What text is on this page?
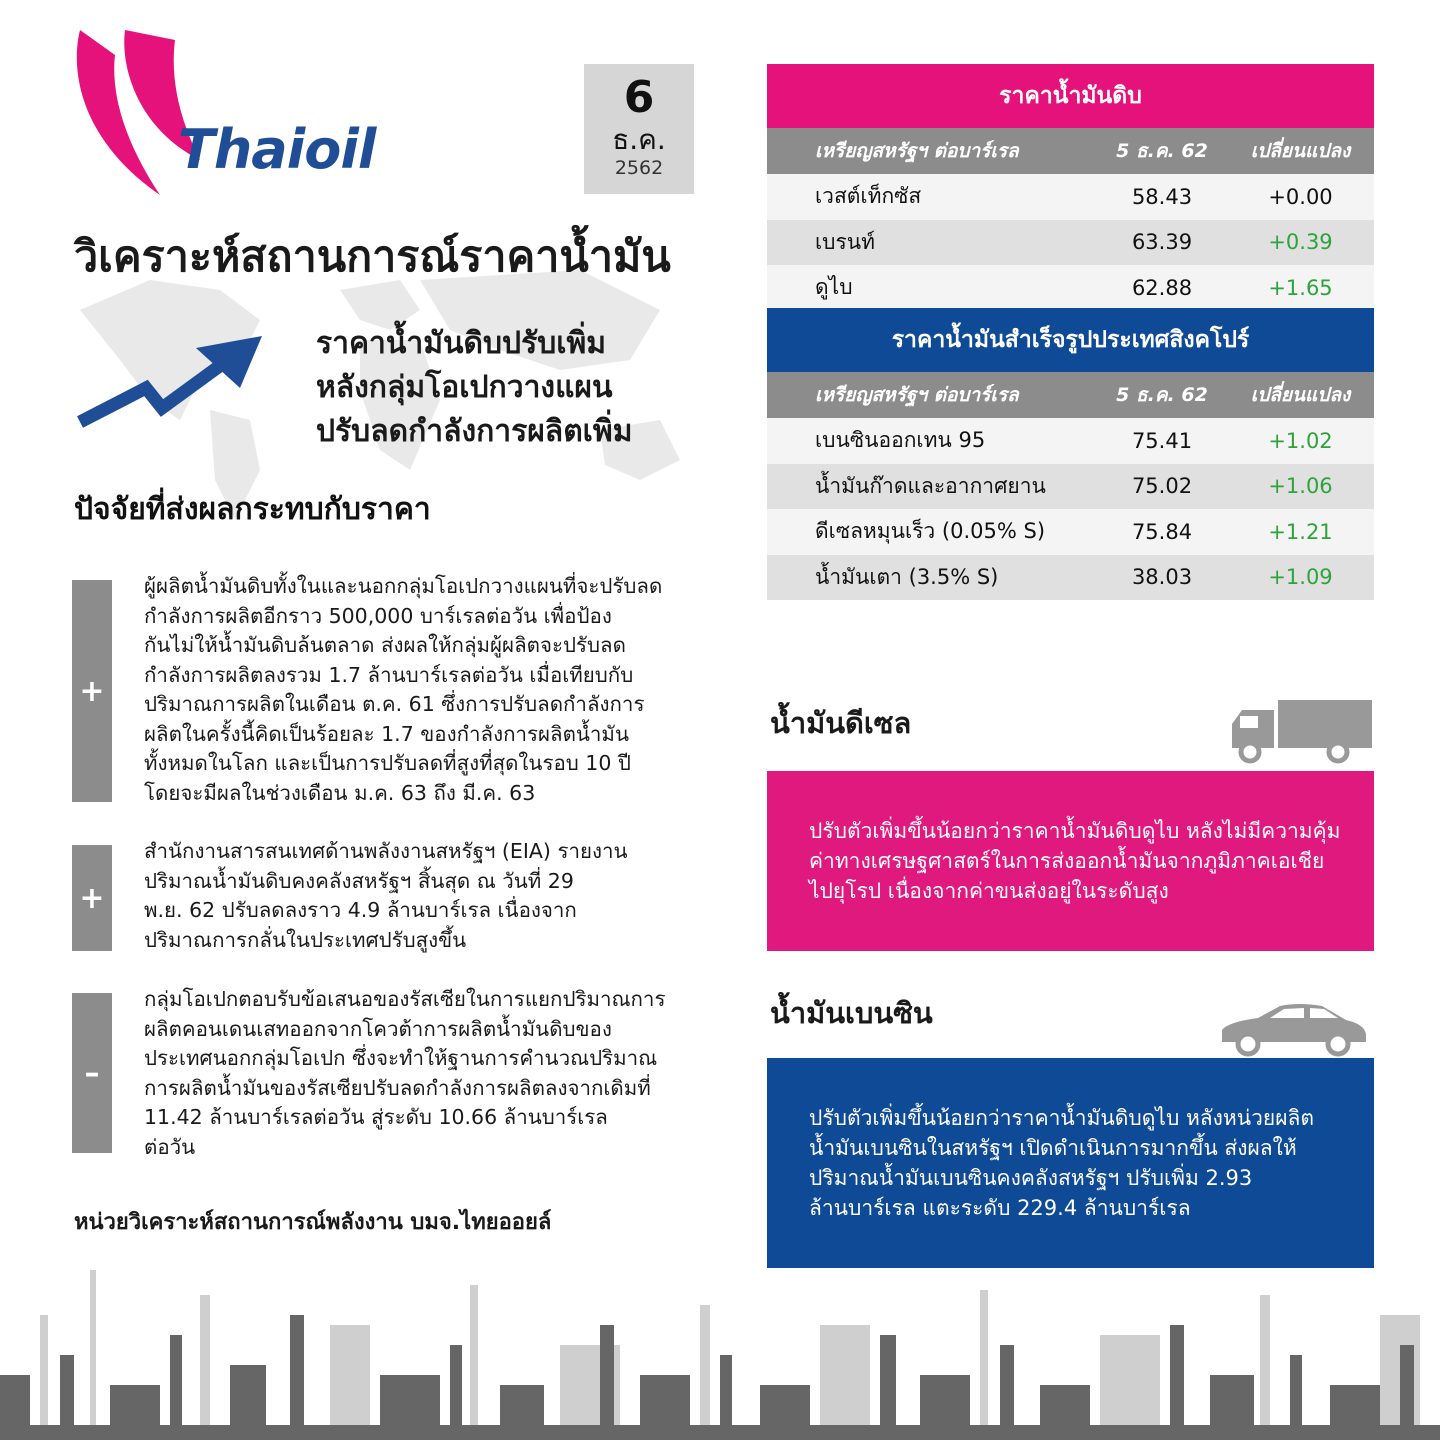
Thaioil
6
ธ.ค.
2562
วิเคราะห์สถานการณ์ราคาน้ำมัน
ราคาน้ำมันดิบปรับเพิ่ม
หลังกลุ่มโอเปกวางแผน
ปรับลดกำลังการผลิตเพิ่ม
ปัจจัยที่ส่งผลกระทบกับราคา
+
ผู้ผลิตน้ำมันดิบทั้งในและนอกกลุ่มโอเปกวางแผนที่จะปรับลด
กำลังการผลิตอีกราว 500,000 บาร์เรลต่อวัน เพื่อป้อง
กันไม่ให้น้ำมันดิบล้นตลาด ส่งผลให้กลุ่มผู้ผลิตจะปรับลด
กำลังการผลิตลงรวม 1.7 ล้านบาร์เรลต่อวัน เมื่อเทียบกับ
ปริมาณการผลิตในเดือน ต.ค. 61 ซึ่งการปรับลดกำลังการ
ผลิตในครั้งนี้คิดเป็นร้อยละ 1.7 ของกำลังการผลิตน้ำมัน
ทั้งหมดในโลก และเป็นการปรับลดที่สูงที่สุดในรอบ 10 ปี
โดยจะมีผลในช่วงเดือน ม.ค. 63 ถึง มี.ค. 63
+
สำนักงานสารสนเทศด้านพลังงานสหรัฐฯ (EIA) รายงาน
ปริมาณน้ำมันดิบคงคลังสหรัฐฯ สิ้นสุด ณ วันที่ 29
พ.ย. 62 ปรับลดลงราว 4.9 ล้านบาร์เรล เนื่องจาก
ปริมาณการกลั่นในประเทศปรับสูงขึ้น
–
กลุ่มโอเปกตอบรับข้อเสนอของรัสเซียในการแยกปริมาณการ
ผลิตคอนเดนเสทออกจากโควต้าการผลิตน้ำมันดิบของ
ประเทศนอกกลุ่มโอเปก ซึ่งจะทำให้ฐานการคำนวณปริมาณ
การผลิตน้ำมันของรัสเซียปรับลดกำลังการผลิตลงจากเดิมที่
11.42 ล้านบาร์เรลต่อวัน สู่ระดับ 10.66 ล้านบาร์เรล
ต่อวัน
หน่วยวิเคราะห์สถานการณ์พลังงาน บมจ.ไทยออยล์
ราคาน้ำมันดิบ
เหรียญสหรัฐฯ ต่อบาร์เรล	5 ธ.ค. 62	เปลี่ยนแปลง
เวสต์เท็กซัส	58.43	+0.00
เบรนท์	63.39	+0.39
ดูไบ	62.88	+1.65
ราคาน้ำมันสำเร็จรูปประเทศสิงคโปร์
เหรียญสหรัฐฯ ต่อบาร์เรล	5 ธ.ค. 62	เปลี่ยนแปลง
เบนซินออกเทน 95	75.41	+1.02
น้ำมันก๊าดและอากาศยาน	75.02	+1.06
ดีเซลหมุนเร็ว (0.05% S)	75.84	+1.21
น้ำมันเตา (3.5% S)	38.03	+1.09
น้ำมันดีเซล
ปรับตัวเพิ่มขึ้นน้อยกว่าราคาน้ำมันดิบดูไบ หลังไม่มีความคุ้ม
ค่าทางเศรษฐศาสตร์ในการส่งออกน้ำมันจากภูมิภาคเอเชีย
ไปยุโรป เนื่องจากค่าขนส่งอยู่ในระดับสูง
น้ำมันเบนซิน
ปรับตัวเพิ่มขึ้นน้อยกว่าราคาน้ำมันดิบดูไบ หลังหน่วยผลิต
น้ำมันเบนซินในสหรัฐฯ เปิดดำเนินการมากขึ้น ส่งผลให้
ปริมาณน้ำมันเบนซินคงคลังสหรัฐฯ ปรับเพิ่ม 2.93
ล้านบาร์เรล แตะระดับ 229.4 ล้านบาร์เรล
